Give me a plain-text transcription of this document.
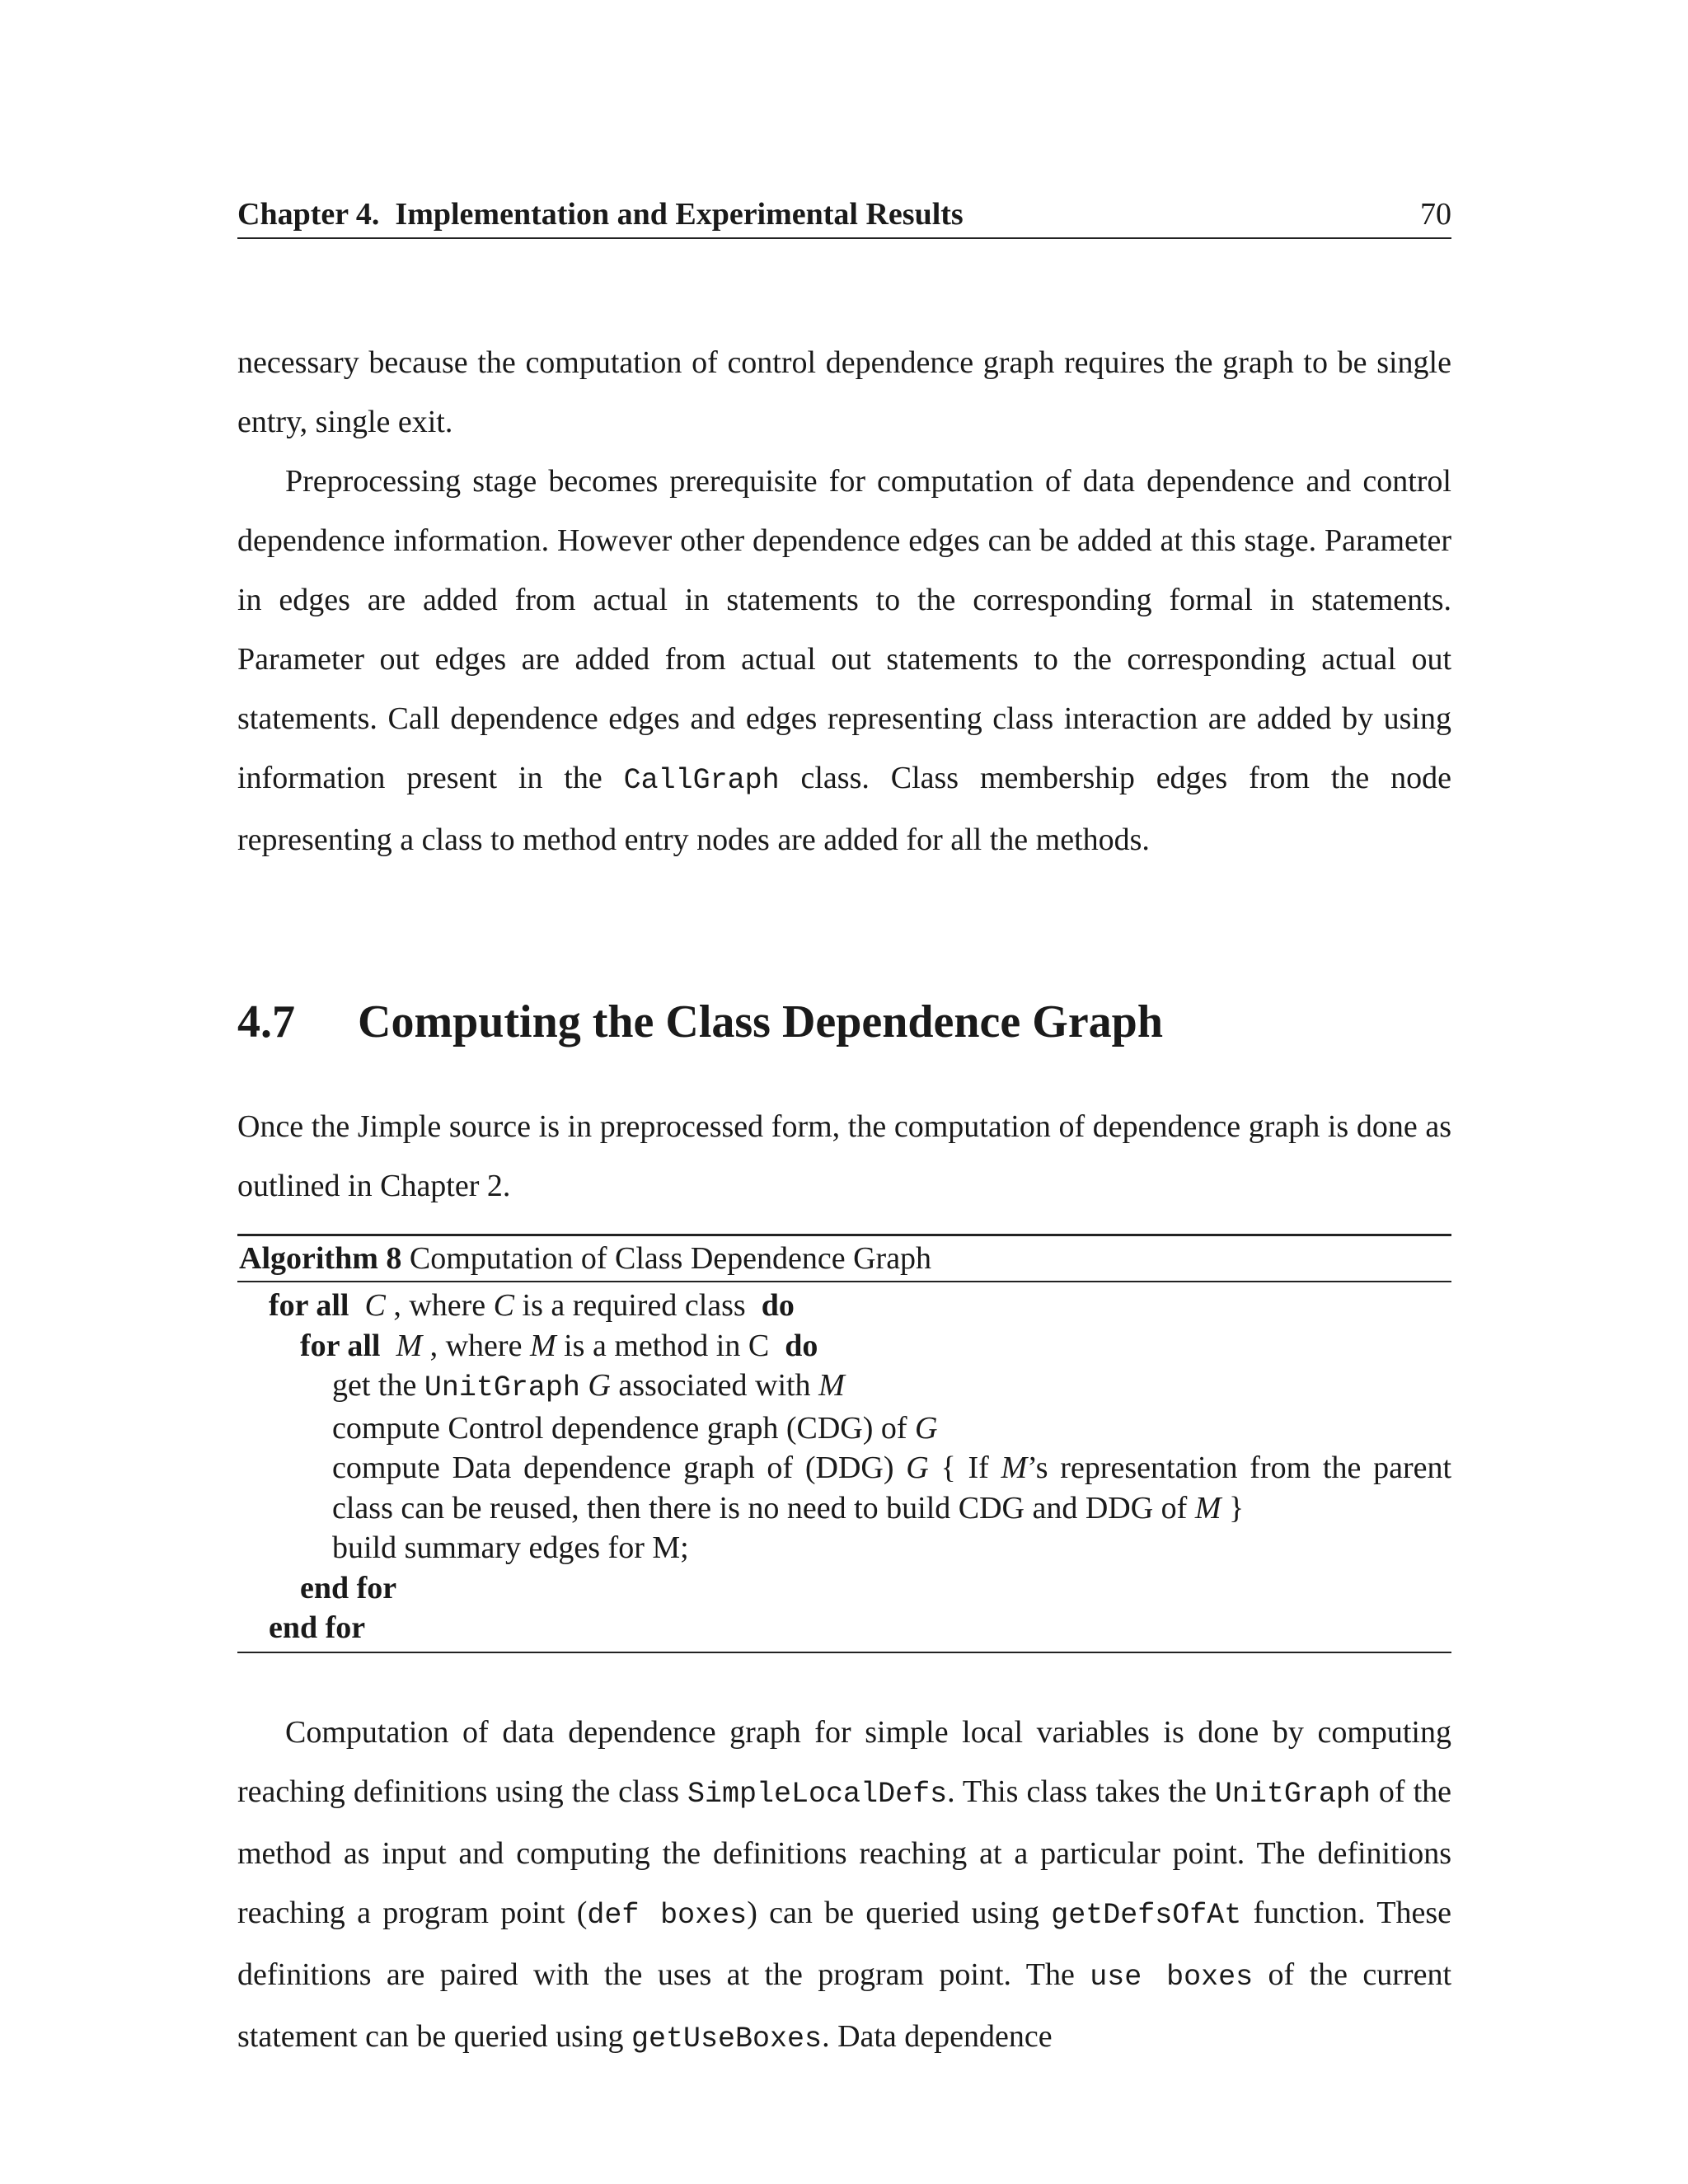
Chapter 4. Implementation and Experimental Results	70

necessary because the computation of control dependence graph requires the graph to be single entry, single exit.

Preprocessing stage becomes prerequisite for computation of data dependence and control dependence information. However other dependence edges can be added at this stage. Parameter in edges are added from actual in statements to the corresponding formal in statements. Parameter out edges are added from actual out statements to the corresponding actual out statements. Call dependence edges and edges representing class interaction are added by using information present in the CallGraph class. Class membership edges from the node representing a class to method entry nodes are added for all the methods.

4.7 Computing the Class Dependence Graph

Once the Jimple source is in preprocessed form, the computation of dependence graph is done as outlined in Chapter 2.

Algorithm 8 Computation of Class Dependence Graph

for all C , where C is a required class do

for all M , where M is a method in C do

get the UnitGraph G associated with M

compute Control dependence graph (CDG) of G

compute Data dependence graph of (DDG) G { If M’s representation from the parent class can be reused, then there is no need to build CDG and DDG of M }

build summary edges for M;

end for

end for

Computation of data dependence graph for simple local variables is done by computing reaching definitions using the class SimpleLocalDefs. This class takes the UnitGraph of the method as input and computing the definitions reaching at a particular point. The definitions reaching a program point (def boxes) can be queried using getDefsOfAt function. These definitions are paired with the uses at the program point. The use boxes of the current statement can be queried using getUseBoxes. Data dependence
